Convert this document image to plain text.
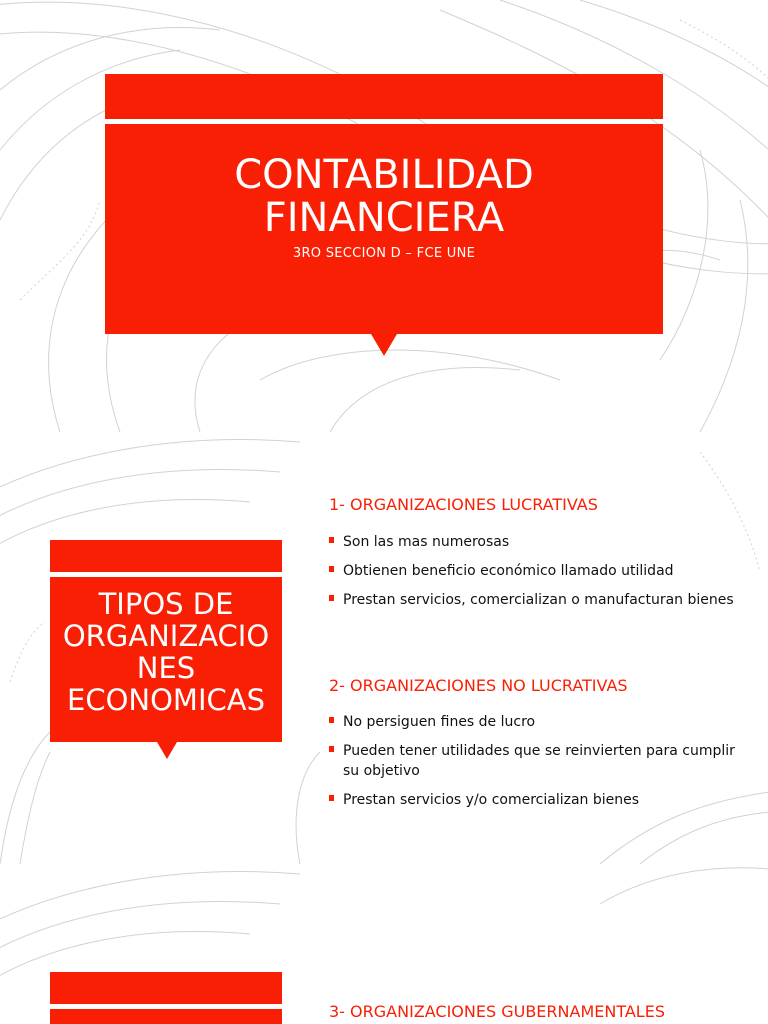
CONTABILIDAD
FINANCIERA
3RO SECCION D – FCE UNE
TIPOS DE
ORGANIZACIO
NES
ECONOMICAS

1- ORGANIZACIONES LUCRATIVAS

Son las mas numerosas
Obtienen beneficio económico llamado utilidad
Prestan servicios, comercializan o manufacturan bienes

2- ORGANIZACIONES NO LUCRATIVAS

No persiguen fines de lucro
Pueden tener utilidades que se reinvierten para cumplir su objetivo
Prestan servicios y/o comercializan bienes

3- ORGANIZACIONES GUBERNAMENTALES
